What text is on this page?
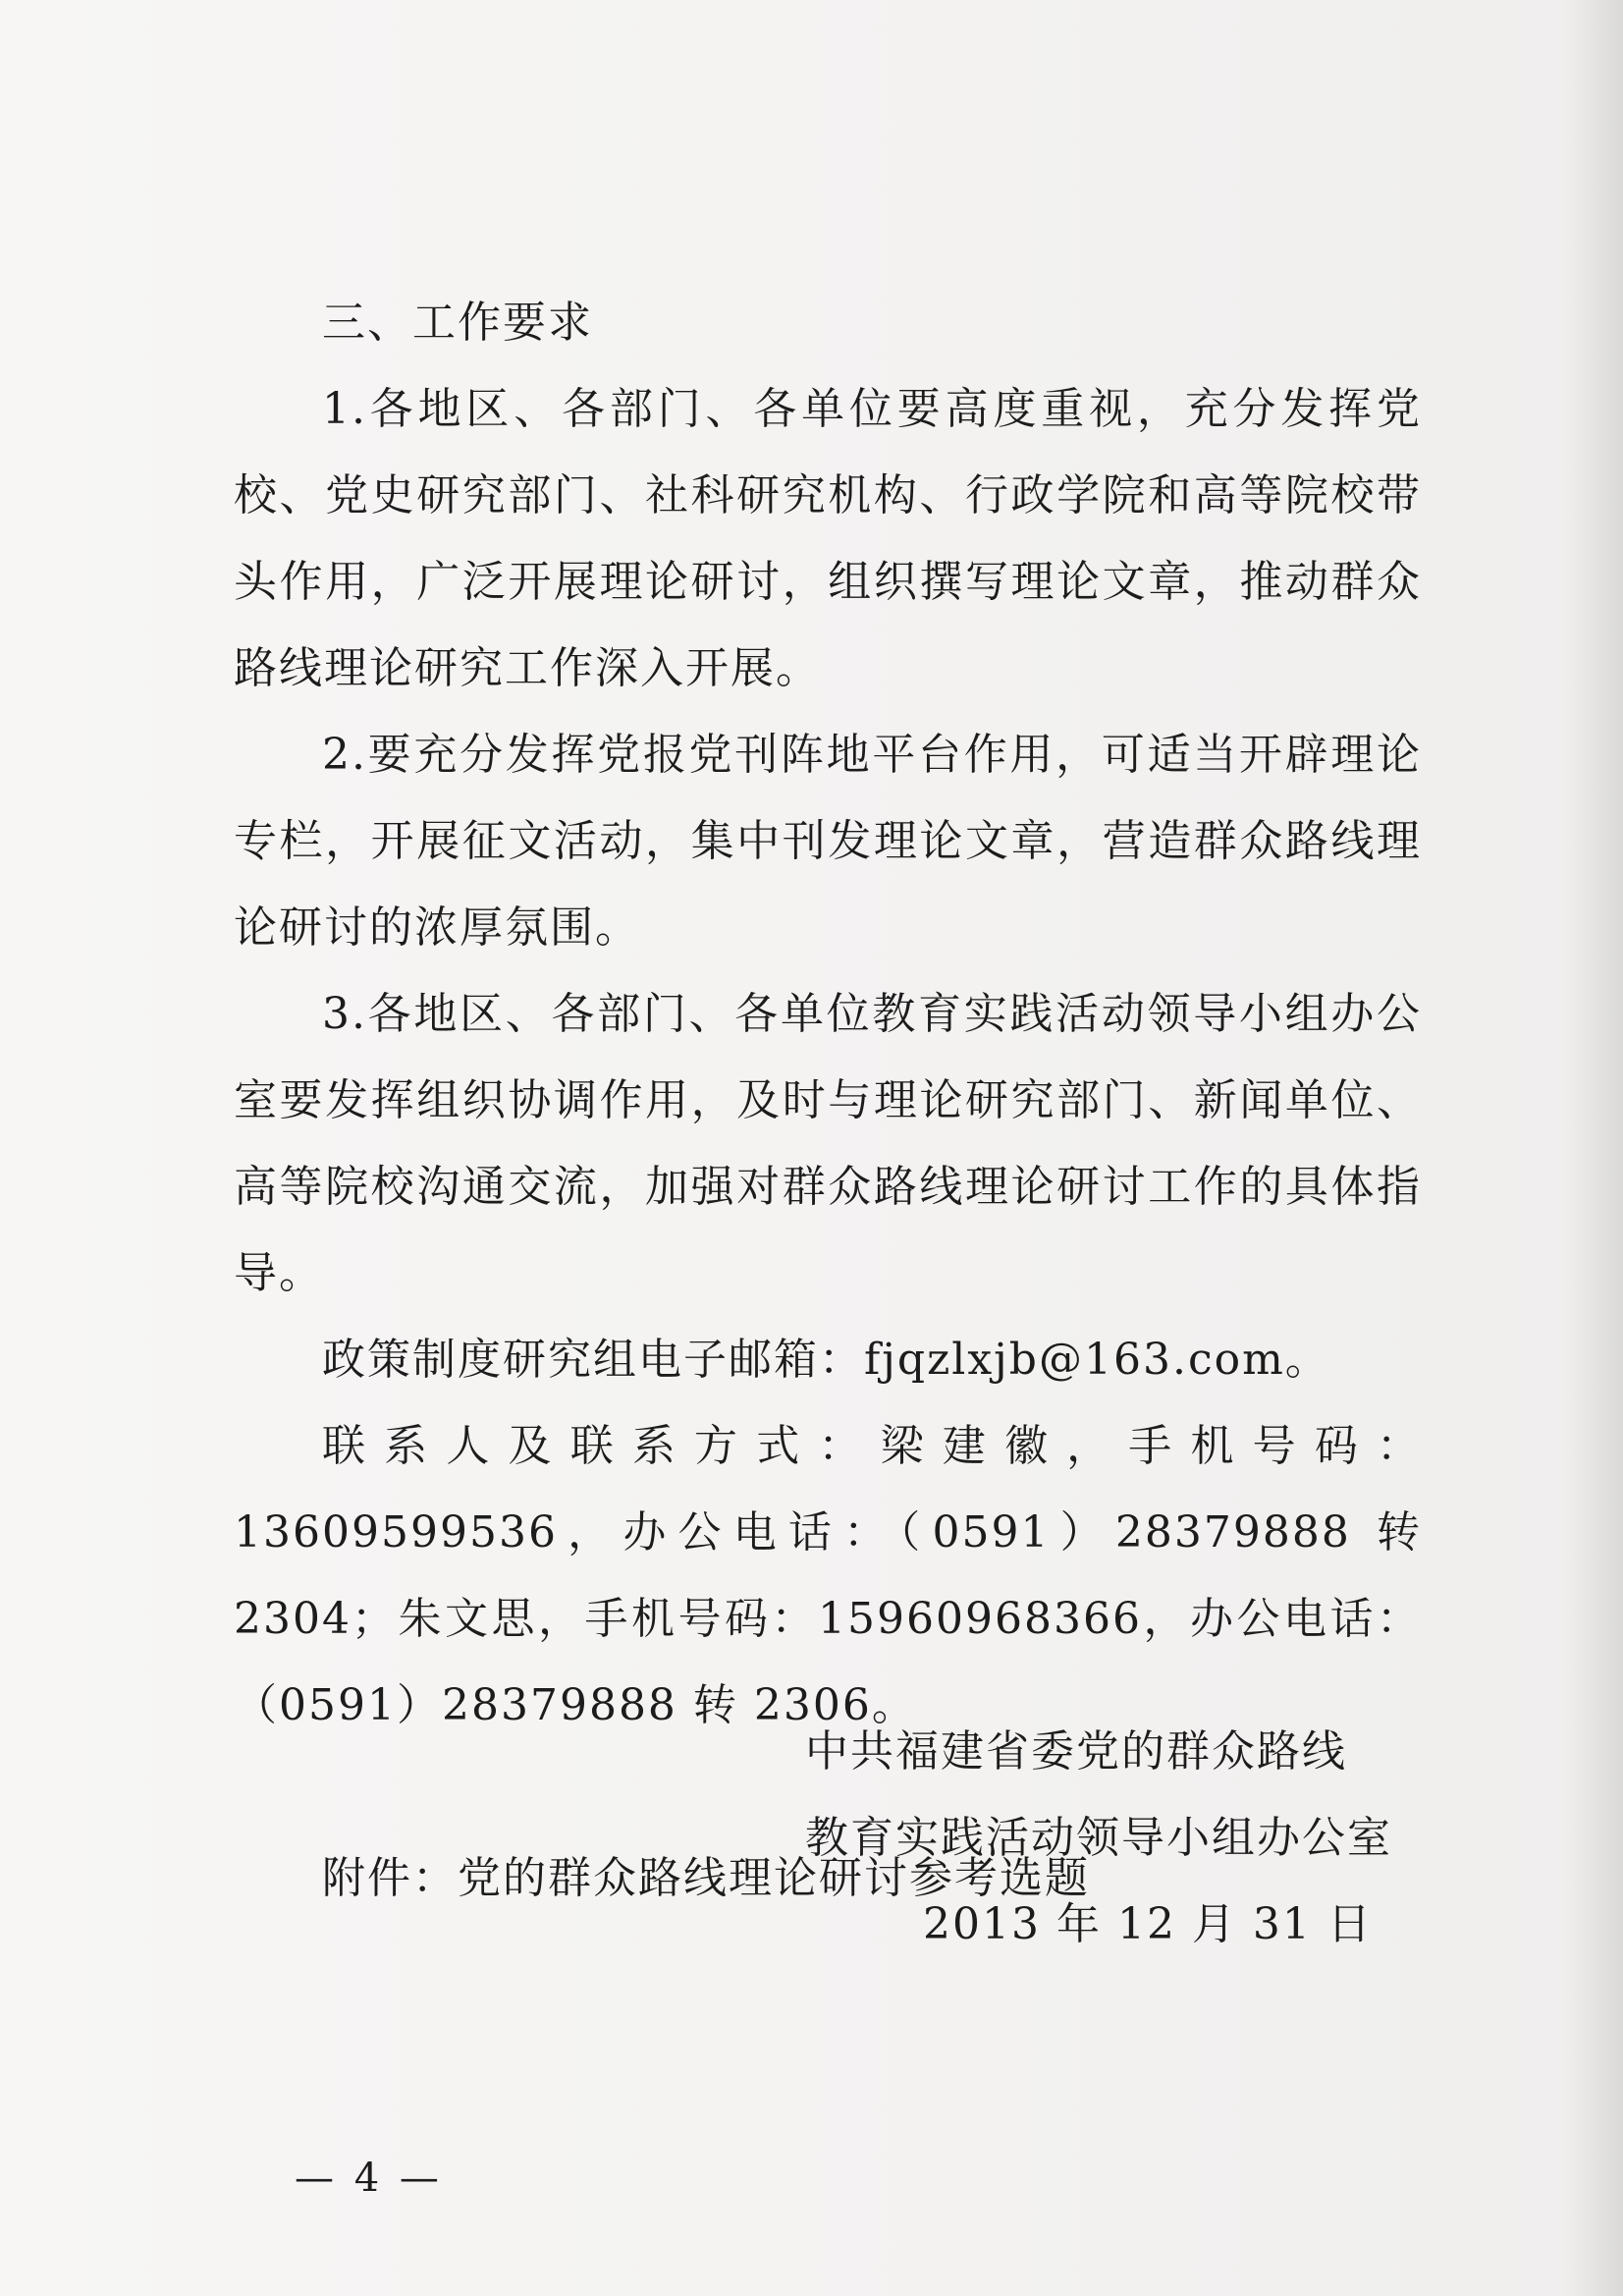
三、工作要求

1.各地区、各部门、各单位要高度重视，充分发挥党校、党史研究部门、社科研究机构、行政学院和高等院校带头作用，广泛开展理论研讨，组织撰写理论文章，推动群众路线理论研究工作深入开展。

2.要充分发挥党报党刊阵地平台作用，可适当开辟理论专栏，开展征文活动，集中刊发理论文章，营造群众路线理论研讨的浓厚氛围。

3.各地区、各部门、各单位教育实践活动领导小组办公室要发挥组织协调作用，及时与理论研究部门、新闻单位、高等院校沟通交流，加强对群众路线理论研讨工作的具体指导。

政策制度研究组电子邮箱：fjqzlxjb@163.com。

联系人及联系方式：梁建徽，手机号码：13609599536，办公电话：（0591）28379888 转 2304；朱文思，手机号码：15960968366，办公电话：（0591）28379888 转 2306。

附件：党的群众路线理论研讨参考选题

中共福建省委党的群众路线

教育实践活动领导小组办公室

2013 年 12 月 31 日

— 4 —
